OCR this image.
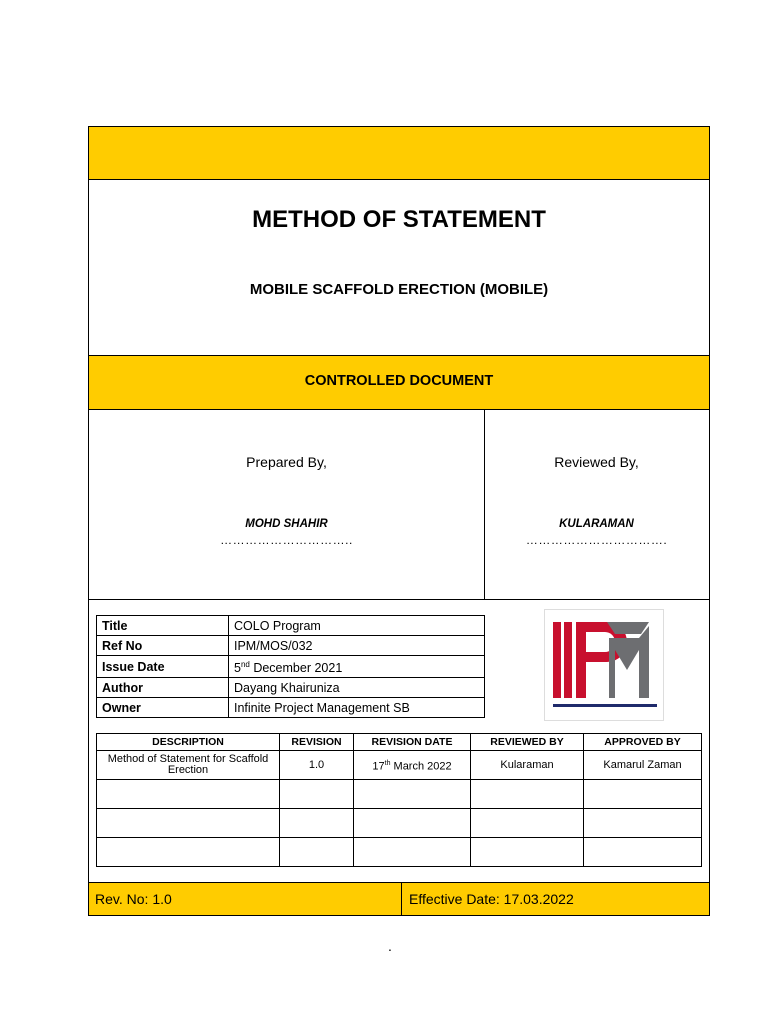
METHOD OF STATEMENT
MOBILE SCAFFOLD ERECTION (MOBILE)
CONTROLLED DOCUMENT
Prepared By,
MOHD SHAHIR
…………………………..
Reviewed By,
KULARAMAN
…………………………….
Title	COLO Program
Ref No	IPM/MOS/032
Issue Date	5nd December 2021
Author	Dayang Khairuniza
Owner	Infinite Project Management SB
DESCRIPTION	REVISION	REVISION DATE	REVIEWED BY	APPROVED BY
Method of Statement for Scaffold Erection	1.0	17th March 2022	Kularaman	Kamarul Zaman

Rev. No: 1.0	Effective Date: 17.03.2022
.
